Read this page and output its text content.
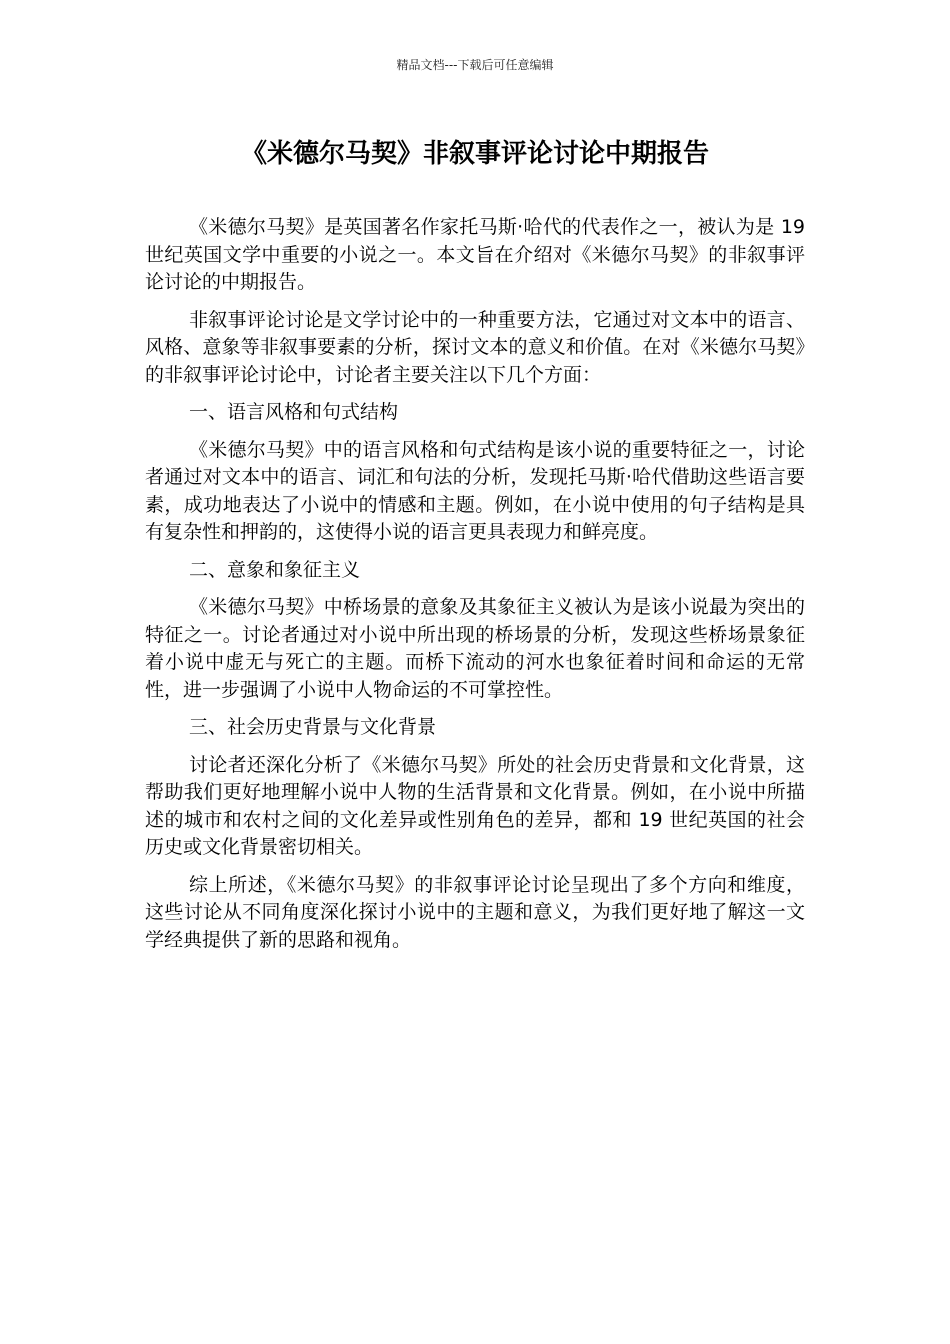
精品文档---下载后可任意编辑
《米德尔马契》非叙事评论讨论中期报告

《米德尔马契》是英国著名作家托马斯·哈代的代表作之一，被认为是 19 世纪英国文学中重要的小说之一。本文旨在介绍对《米德尔马契》的非叙事评论讨论的中期报告。

非叙事评论讨论是文学讨论中的一种重要方法，它通过对文本中的语言、风格、意象等非叙事要素的分析，探讨文本的意义和价值。在对《米德尔马契》的非叙事评论讨论中，讨论者主要关注以下几个方面：

一、语言风格和句式结构

《米德尔马契》中的语言风格和句式结构是该小说的重要特征之一，讨论者通过对文本中的语言、词汇和句法的分析，发现托马斯·哈代借助这些语言要素，成功地表达了小说中的情感和主题。例如，在小说中使用的句子结构是具有复杂性和押韵的，这使得小说的语言更具表现力和鲜亮度。

二、意象和象征主义

《米德尔马契》中桥场景的意象及其象征主义被认为是该小说最为突出的特征之一。讨论者通过对小说中所出现的桥场景的分析，发现这些桥场景象征着小说中虚无与死亡的主题。而桥下流动的河水也象征着时间和命运的无常性，进一步强调了小说中人物命运的不可掌控性。

三、社会历史背景与文化背景

讨论者还深化分析了《米德尔马契》所处的社会历史背景和文化背景，这帮助我们更好地理解小说中人物的生活背景和文化背景。例如，在小说中所描述的城市和农村之间的文化差异或性别角色的差异，都和 19 世纪英国的社会历史或文化背景密切相关。

综上所述，《米德尔马契》的非叙事评论讨论呈现出了多个方向和维度，这些讨论从不同角度深化探讨小说中的主题和意义，为我们更好地了解这一文学经典提供了新的思路和视角。
